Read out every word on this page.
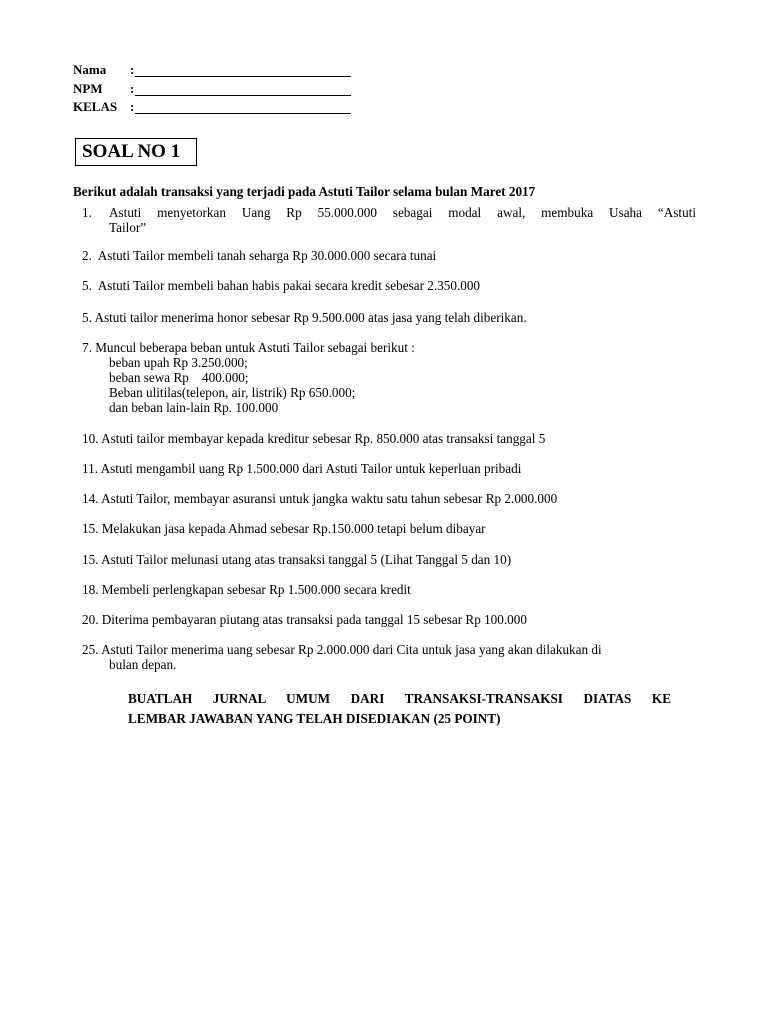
Nama :
NPM :
KELAS :
SOAL NO 1
Berikut adalah transaksi yang terjadi pada Astuti Tailor selama bulan Maret 2017
1.	Astuti menyetorkan Uang Rp 55.000.000 sebagai modal awal, membuka Usaha “Astuti
Tailor”
2. Astuti Tailor membeli tanah seharga Rp 30.000.000 secara tunai
5. Astuti Tailor membeli bahan habis pakai secara kredit sebesar 2.350.000
5. Astuti tailor menerima honor sebesar Rp 9.500.000 atas jasa yang telah diberikan.
7. Muncul beberapa beban untuk Astuti Tailor sebagai berikut :
beban upah Rp 3.250.000;
beban sewa Rp    400.000;
Beban ulitilas(telepon, air, listrik) Rp 650.000;
dan beban lain-lain Rp. 100.000
10. Astuti tailor membayar kepada kreditur sebesar Rp. 850.000 atas transaksi tanggal 5
11. Astuti mengambil uang Rp 1.500.000 dari Astuti Tailor untuk keperluan pribadi
14. Astuti Tailor, membayar asuransi untuk jangka waktu satu tahun sebesar Rp 2.000.000
15. Melakukan jasa kepada Ahmad sebesar Rp.150.000 tetapi belum dibayar
15. Astuti Tailor melunasi utang atas transaksi tanggal 5 (Lihat Tanggal 5 dan 10)
18. Membeli perlengkapan sebesar Rp 1.500.000 secara kredit
20. Diterima pembayaran piutang atas transaksi pada tanggal 15 sebesar Rp 100.000
25. Astuti Tailor menerima uang sebesar Rp 2.000.000 dari Cita untuk jasa yang akan dilakukan di
bulan depan.
BUATLAH JURNAL UMUM DARI TRANSAKSI-TRANSAKSI DIATAS KE
LEMBAR JAWABAN YANG TELAH DISEDIAKAN (25 POINT)
